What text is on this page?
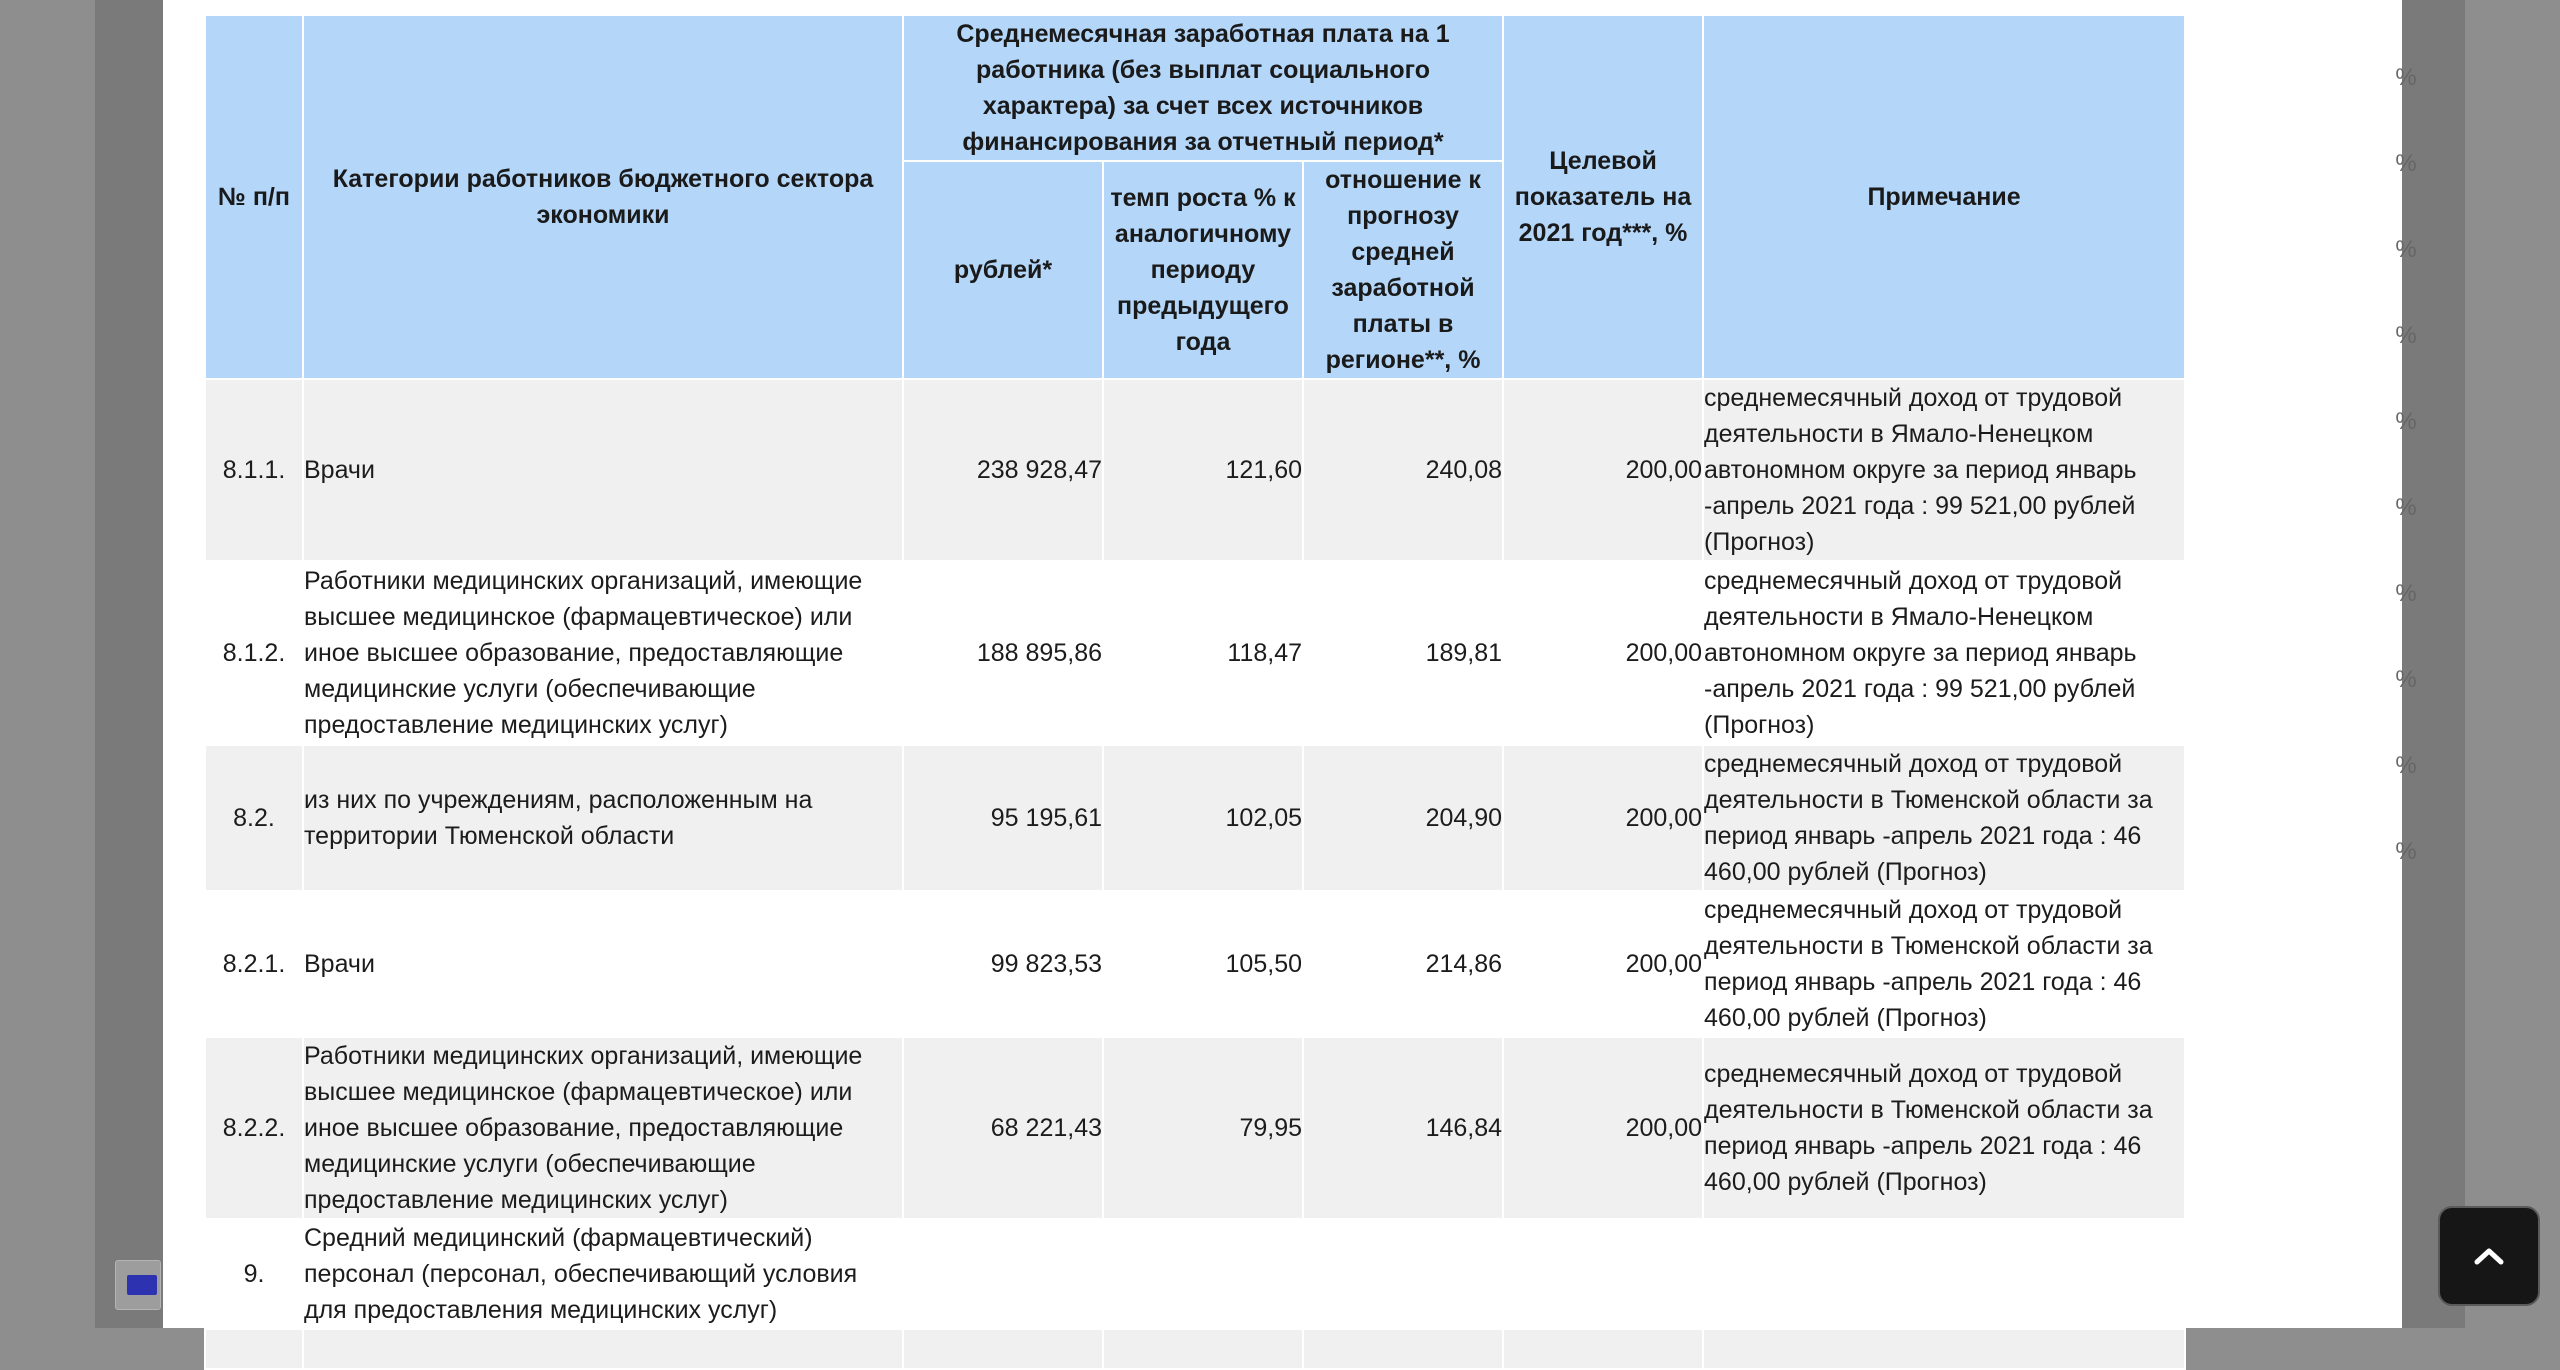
%
%
%
%
%
%
%
%
%
%
№ п/п	Категории работников бюджетного сектора экономики	Среднемесячная заработная плата на 1 работника (без выплат социального характера) за счет всех источников финансирования за отчетный период*			Целевой показатель на 2021 год***, %	Примечание
		рублей*	темп роста % к аналогичному периоду предыдущего года	отношение к прогнозу средней заработной платы в регионе**, %		
8.1.1.	Врачи	238 928,47	121,60	240,08	200,00	среднемесячный доход от трудовой деятельности в Ямало-Ненецком автономном округе за период январь -апрель 2021 года : 99 521,00 рублей (Прогноз)
8.1.2.	Работники медицинских организаций, имеющие высшее медицинское (фармацевтическое) или иное высшее образование, предоставляющие медицинские услуги (обеспечивающие предоставление медицинских услуг)	188 895,86	118,47	189,81	200,00	среднемесячный доход от трудовой деятельности в Ямало-Ненецком автономном округе за период январь -апрель 2021 года : 99 521,00 рублей (Прогноз)
8.2.	из них по учреждениям, расположенным на территории Тюменской области	95 195,61	102,05	204,90	200,00	среднемесячный доход от трудовой деятельности в Тюменской области за период январь -апрель 2021 года : 46 460,00 рублей (Прогноз)
8.2.1.	Врачи	99 823,53	105,50	214,86	200,00	среднемесячный доход от трудовой деятельности в Тюменской области за период январь -апрель 2021 года : 46 460,00 рублей (Прогноз)
8.2.2.	Работники медицинских организаций, имеющие высшее медицинское (фармацевтическое) или иное высшее образование, предоставляющие медицинские услуги (обеспечивающие предоставление медицинских услуг)	68 221,43	79,95	146,84	200,00	среднемесячный доход от трудовой деятельности в Тюменской области за период январь -апрель 2021 года : 46 460,00 рублей (Прогноз)
9.	Средний медицинский (фармацевтический) персонал (персонал, обеспечивающий условия для предоставления медицинских услуг)					
